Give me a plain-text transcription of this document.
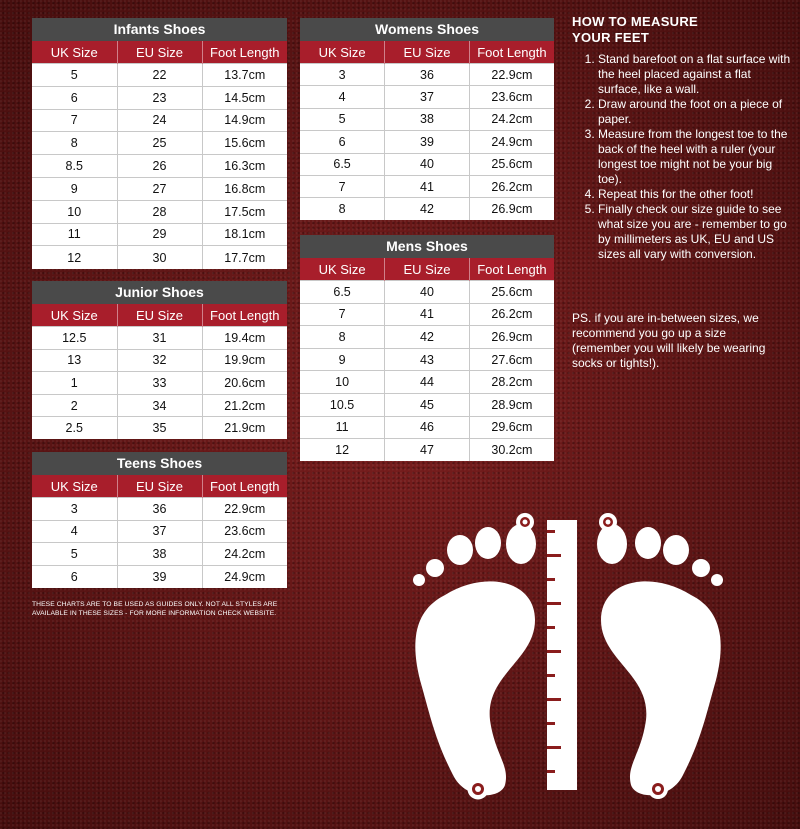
Infants Shoes
UK Size	EU Size	Foot Length
5	22	13.7cm
6	23	14.5cm
7	24	14.9cm
8	25	15.6cm
8.5	26	16.3cm
9	27	16.8cm
10	28	17.5cm
11	29	18.1cm
12	30	17.7cm
Junior Shoes
UK Size	EU Size	Foot Length
12.5	31	19.4cm
13	32	19.9cm
1	33	20.6cm
2	34	21.2cm
2.5	35	21.9cm
Teens Shoes
UK Size	EU Size	Foot Length
3	36	22.9cm
4	37	23.6cm
5	38	24.2cm
6	39	24.9cm
Womens Shoes
UK Size	EU Size	Foot Length
3	36	22.9cm
4	37	23.6cm
5	38	24.2cm
6	39	24.9cm
6.5	40	25.6cm
7	41	26.2cm
8	42	26.9cm
Mens Shoes
UK Size	EU Size	Foot Length
6.5	40	25.6cm
7	41	26.2cm
8	42	26.9cm
9	43	27.6cm
10	44	28.2cm
10.5	45	28.9cm
11	46	29.6cm
12	47	30.2cm
THESE CHARTS ARE TO BE USED AS GUIDES ONLY. NOT ALL STYLES ARE AVAILABLE IN THESE SIZES - FOR MORE INFORMATION CHECK WEBSITE.
HOW TO MEASURE
YOUR FEET
1. Stand barefoot on a flat surface with the heel placed against a flat surface, like a wall.
2. Draw around the foot on a piece of paper.
3. Measure from the longest toe to the back of the heel with a ruler (your longest toe might not be your big toe).
4. Repeat this for the other foot!
5. Finally check our size guide to see what size you are - remember to go by millimeters as UK, EU and US sizes all vary with conversion.
PS. if you are in-between sizes, we recommend you go up a size (remember you will likely be wearing socks or tights!).
